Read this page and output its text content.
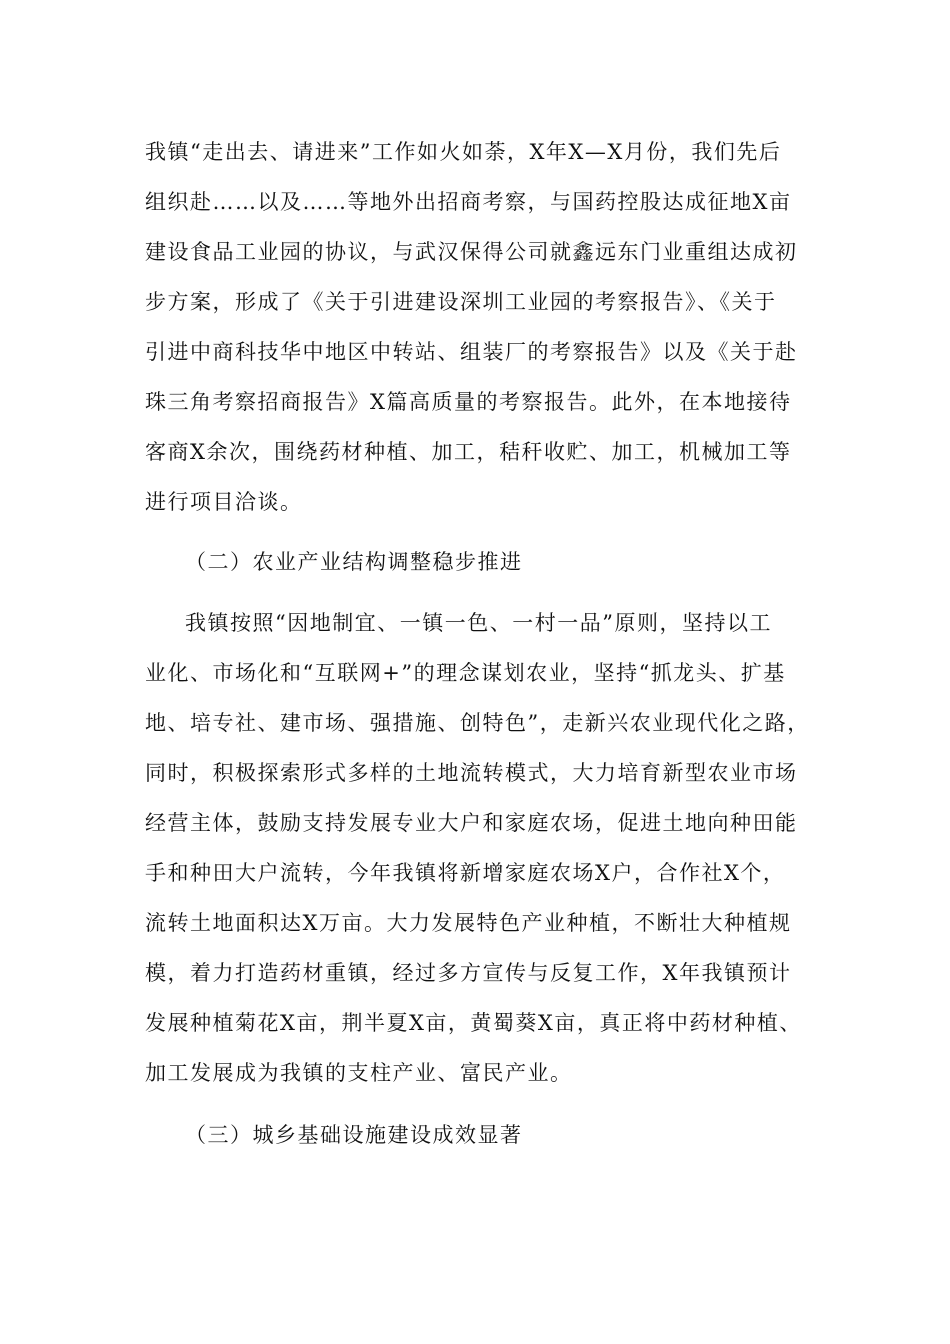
我镇“走出去、请进来”工作如火如荼，X年X—X月份，我们先后
组织赴……以及……等地外出招商考察，与国药控股达成征地X亩
建设食品工业园的协议，与武汉保得公司就鑫远东门业重组达成初
步方案，形成了《关于引进建设深圳工业园的考察报告》、《关于
引进中商科技华中地区中转站、组装厂的考察报告》以及《关于赴
珠三角考察招商报告》X篇高质量的考察报告。此外，在本地接待
客商X余次，围绕药材种植、加工，秸秆收贮、加工，机械加工等
进行项目洽谈。
（二）农业产业结构调整稳步推进
我镇按照“因地制宜、一镇一色、一村一品”原则，坚持以工
业化、市场化和“互联网+”的理念谋划农业，坚持“抓龙头、扩基
地、培专社、建市场、强措施、创特色”，走新兴农业现代化之路，
同时，积极探索形式多样的土地流转模式，大力培育新型农业市场
经营主体，鼓励支持发展专业大户和家庭农场，促进土地向种田能
手和种田大户流转，今年我镇将新增家庭农场X户，合作社X个，
流转土地面积达X万亩。大力发展特色产业种植，不断壮大种植规
模，着力打造药材重镇，经过多方宣传与反复工作，X年我镇预计
发展种植菊花X亩，荆半夏X亩，黄蜀葵X亩，真正将中药材种植、
加工发展成为我镇的支柱产业、富民产业。
（三）城乡基础设施建设成效显著
